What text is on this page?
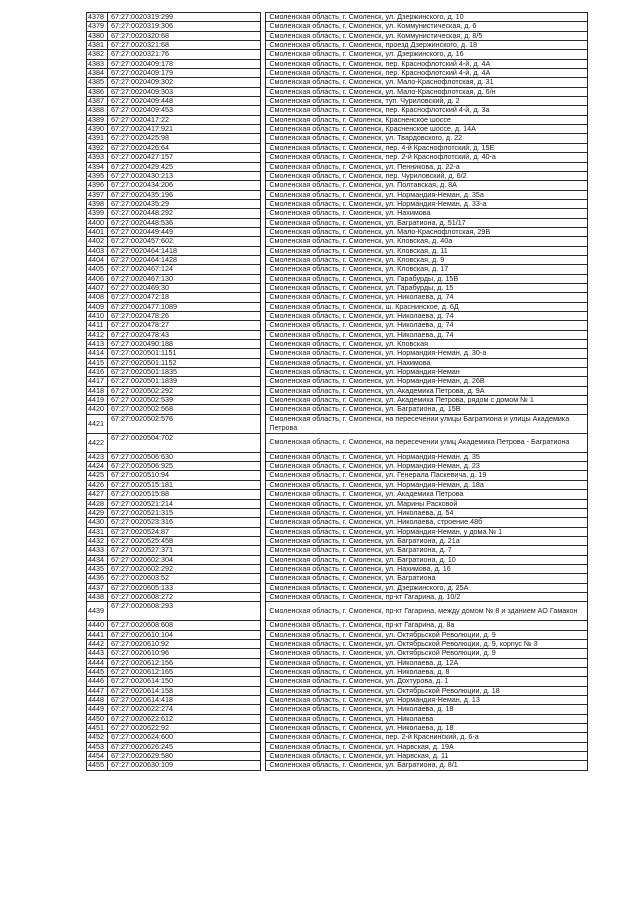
4378	67:27:0020319:299		Смоленская область, г. Смоленск, ул. Дзержинского, д. 10
4379	67:27:0020319:306		Смоленская область, г. Смоленск, ул. Коммунистическая, д. 6
4380	67:27:0020320:68		Смоленская область, г. Смоленск, ул. Коммунистическая, д. 8/5
4381	67:27:0020321:68		Смоленская область, г. Смоленск, проезд Дзержинского, д. 18
4382	67:27:0020321:76		Смоленская область, г. Смоленск, ул. Дзержинского, д. 16
4383	67:27:0020409:178		Смоленская область, г. Смоленск, пер. Краснофлотский 4-й, д. 4А
4384	67:27:0020409:179		Смоленская область, г. Смоленск, пер. Краснофлотский 4-й, д. 4А
4385	67:27:0020409:302		Смоленская область, г. Смоленск, ул. Мало-Краснофлотская, д. 31
4386	67:27:0020409:303		Смоленская область, г. Смоленск, ул. Мало-Краснофлотская, д. 6/н
4387	67:27:0020409:448		Смоленская область, г. Смоленск, туп. Чуриловский, д. 2
4388	67:27:0020409:453		Смоленская область, г. Смоленск, пер. Краснофлотский 4-й, д. 3а
4389	67:27:0020417:22		Смоленская область, г. Смоленск, Красненское шоссе
4390	67:27:0020417:921		Смоленская область, г. Смоленск, Красненское шоссе, д. 14А
4391	67:27:0020425:98		Смоленская область, г. Смоленск, ул. Твардовского, д. 22
4392	67:27:0020426:64		Смоленская область, г. Смоленск, пер. 4-й Краснофлотский, д. 15Е
4393	67:27:0020427:157		Смоленская область, г. Смоленск, пер. 2-й Краснофлотский, д. 40-а
4394	67:27:0020429:425		Смоленская область, г. Смоленск, ул. Пенникова, д. 22-а
4395	67:27:0020430:213		Смоленская область, г. Смоленск, пер. Чуриловский, д. 6/2
4396	67:27:0020434:206		Смоленская область, г. Смоленск, ул. Полтавская, д. 8А
4397	67:27:0020435:196		Смоленская область, г. Смоленск, ул. Нормандия-Неман, д. 35а
4398	67:27:0020435:29		Смоленская область, г. Смоленск, ул. Нормандия-Неман, д. 33-а
4399	67:27:0020448:292		Смоленская область, г. Смоленск, ул. Нахимова
4400	67:27:0020448:536		Смоленская область, г. Смоленск, ул. Багратиона, д. 51/17
4401	67:27:0020449:449		Смоленская область, г. Смоленск, ул. Мало-Краснофлотская, 29В
4402	67:27:0020457:602		Смоленская область, г. Смоленск, ул. Кловская, д. 40а
4403	67:27:0020464:1418		Смоленская область, г. Смоленск, ул. Кловская, д. 11
4404	67:27:0020464:1428		Смоленская область, г. Смоленск, ул. Кловская, д. 9
4405	67:27:0020467:124		Смоленская область, г. Смоленск, ул. Кловская, д. 17
4406	67:27:0020467:130		Смоленская область, г. Смоленск, ул. Гарабурды, д. 15В
4407	67:27:0020469:30		Смоленская область, г. Смоленск, ул. Гарабурды, д. 15
4408	67:27:0020472:18		Смоленская область, г. Смоленск, ул. Николаева, д. 74
4409	67:27:0020477:1089		Смоленская область, г. Смоленск, ш. Краснинское, д. 6Д
4410	67:27:0020478:26		Смоленская область, г. Смоленск, ул. Николаева, д. 74
4411	67:27:0020478:27		Смоленская область, г. Смоленск, ул. Николаева, д. 74
4412	67:27:0020478:43		Смоленская область, г. Смоленск, ул. Николаева, д. 74
4413	67:27:0020490:188		Смоленская область, г. Смоленск, ул. Кловская
4414	67:27:0020501:1151		Смоленская область, г. Смоленск, ул. Нормандия-Неман, д. 30-а
4415	67:27:0020501:1152		Смоленская область, г. Смоленск, ул. Нахимова
4416	67:27:0020501:1835		Смоленская область, г. Смоленск, ул. Нормандия-Неман
4417	67:27:0020501:1839		Смоленская область, г. Смоленск, ул. Нормандия-Неман, д. 26В
4418	67:27:0020502:292		Смоленская область, г. Смоленск, ул. Академика Петрова, д. 9А
4419	67:27:0020502:539		Смоленская область, г. Смоленск, ул. Академика Петрова, рядом с домом № 1
4420	67:27:0020502:568		Смоленская область, г. Смоленск, ул. Багратиона, д. 15В
4421	67:27:0020502:576		Смоленская область, г. Смоленск, на пересечении улицы Багратиона и улицы Академика Петрова
4422	67:27:0020504:702		Смоленская область, г. Смоленск, на пересечении улиц Академика Петрова - Багратиона
4423	67:27:0020506:630		Смоленская область, г. Смоленск, ул. Нормандия-Неман, д. 35
4424	67:27:0020506:925		Смоленская область, г. Смоленск, ул. Нормандия-Неман, д. 23
4425	67:27:0020510:94		Смоленская область, г. Смоленск, ул. Генерала Паскевича, д. 19
4426	67:27:0020515:181		Смоленская область, г. Смоленск, ул. Нормандия-Неман, д. 18а
4427	67:27:0020515:88		Смоленская область, г. Смоленск, ул. Академика Петрова
4428	67:27:0020521:214		Смоленская область, г. Смоленск, ул. Марины Расковой
4429	67:27:0020521:315		Смоленская область, г. Смоленск, ул. Николаева, д. 54
4430	67:27:0020523:316		Смоленская область, г. Смоленск, ул. Николаева, строение 48б
4431	67:27:0020524:87		Смоленская область, г. Смоленск, ул. Нормандия-Неман, у дома № 1
4432	67:27:0020525:458		Смоленская область, г. Смоленск, ул. Багратиона, д. 21а
4433	67:27:0020527:371		Смоленская область, г. Смоленск, ул. Багратиона, д. 7
4434	67:27:0020602:304		Смоленская область, г. Смоленск, ул. Багратиона, д. 10
4435	67:27:0020602:292		Смоленская область, г. Смоленск, ул. Нахимова, д. 16
4436	67:27:0020603:52		Смоленская область, г. Смоленск, ул. Багратиона
4437	67:27:0020605:133		Смоленская область, г. Смоленск, ул. Дзержинского, д. 25А
4438	67:27:0020608:272		Смоленская область, г. Смоленск, пр-кт Гагарина, д. 10/2
4439	67:27:0020608:293		Смоленская область, г. Смоленск, пр-кт Гагарина, между домом № 8 и зданием АО Гамакон
4440	67:27:0020608:608		Смоленская область, г. Смоленск, пр-кт Гагарина, д. 8а
4441	67:27:0020610:104		Смоленская область, г. Смоленск, ул. Октябрьской Революции, д. 9
4442	67:27:0020610:92		Смоленская область, г. Смоленск, ул. Октябрьской Революции, д. 9, корпус № 3
4443	67:27:0020610:96		Смоленская область, г. Смоленск, ул. Октябрьской Революции, д. 9
4444	67:27:0020612:156		Смоленская область, г. Смоленск, ул. Николаева, д. 12А
4445	67:27:0020612:165		Смоленская область, г. Смоленск, ул. Николаева, д. 8
4446	67:27:0020614:150		Смоленская область, г. Смоленск, ул. Дохтурова, д. 1
4447	67:27:0020614:158		Смоленская область, г. Смоленск, ул. Октябрьской Революции, д. 18
4448	67:27:0020614:418		Смоленская область, г. Смоленск, ул. Нормандия-Неман, д. 13
4449	67:27:0020622:274		Смоленская область, г. Смоленск, ул. Николаева, д. 18
4450	67:27:0020622:612		Смоленская область, г. Смоленск, ул. Николаева
4451	67:27:0020622:92		Смоленская область, г. Смоленск, ул. Николаева, д. 18
4452	67:27:0020624:600		Смоленская область, г. Смоленск, пер. 2-й Краснинский, д. 6-а
4453	67:27:0020626:245		Смоленская область, г. Смоленск, ул. Нарвская, д. 19А
4454	67:27:0020629:580		Смоленская область, г. Смоленск, ул. Нарвская, д. 11
4455	67:27:0020630:109		Смоленская область, г. Смоленск, ул. Багратиона, д. 8/1
